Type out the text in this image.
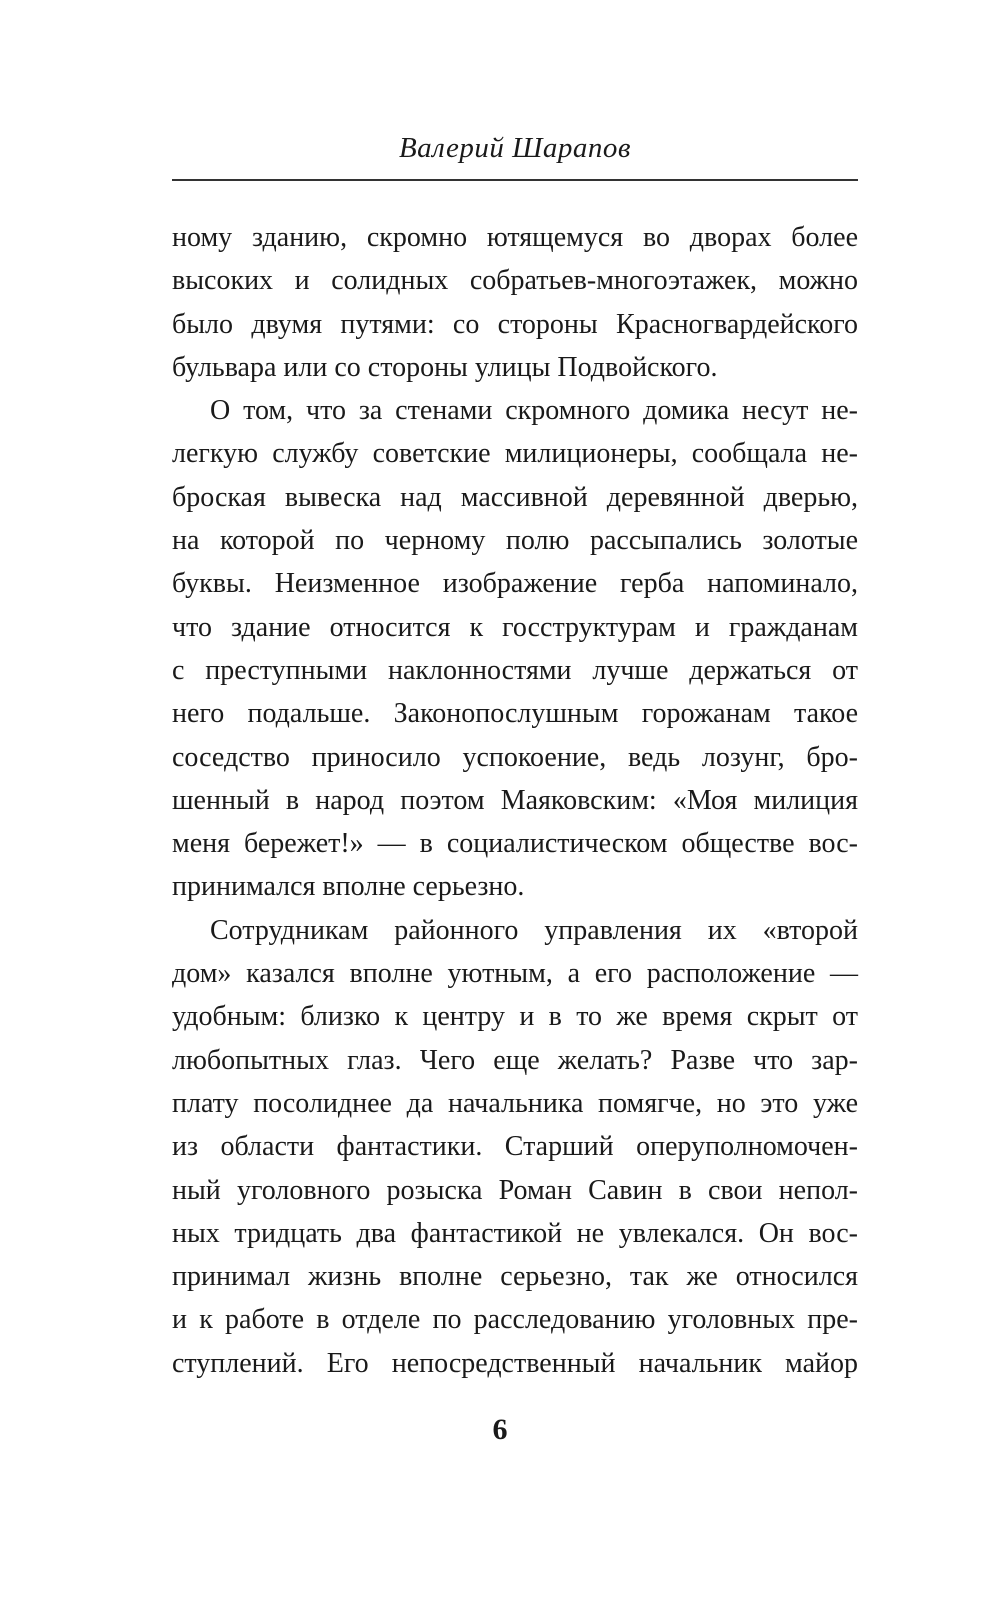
Валерий Шарапов
ному зданию, скромно ютящемуся во дворах более
высоких и солидных собратьев-многоэтажек, можно
было двумя путями: со стороны Красногвардейского
бульвара или со стороны улицы Подвойского.
О том, что за стенами скромного домика несут не-
легкую службу советские милиционеры, сообщала не-
броская вывеска над массивной деревянной дверью,
на которой по черному полю рассыпались золотые
буквы. Неизменное изображение герба напоминало,
что здание относится к госструктурам и гражданам
с преступными наклонностями лучше держаться от
него подальше. Законопослушным горожанам такое
соседство приносило успокоение, ведь лозунг, бро-
шенный в народ поэтом Маяковским: «Моя милиция
меня бережет!» — в социалистическом обществе вос-
принимался вполне серьезно.
Сотрудникам районного управления их «второй
дом» казался вполне уютным, а его расположение —
удобным: близко к центру и в то же время скрыт от
любопытных глаз. Чего еще желать? Разве что зар-
плату посолиднее да начальника помягче, но это уже
из области фантастики. Старший оперуполномочен-
ный уголовного розыска Роман Савин в свои непол-
ных тридцать два фантастикой не увлекался. Он вос-
принимал жизнь вполне серьезно, так же относился
и к работе в отделе по расследованию уголовных пре-
ступлений. Его непосредственный начальник майор
6
